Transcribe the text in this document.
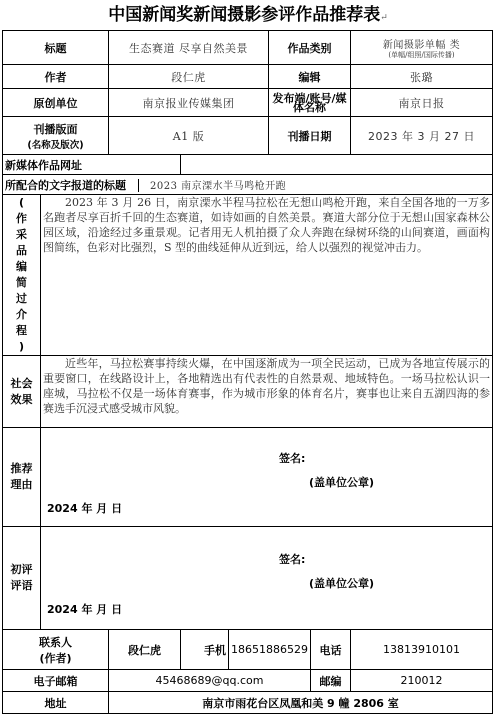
中国新闻奖新闻摄影参评作品推荐表↵
标题		生态赛道 尽享自然美景			作品类别		新闻摄影单幅 类
(单幅/组照/国际传播)

作者		段仁虎			编辑		张璐
原创单位		南京报业传媒集团			发布端/账号/媒体名称		南京日报

刊播版面
(名称及版次)		A1 版			刊播日期		2023 年 3 月 27 日
新媒体作品网址							
所配合的文字报道的标题 2023 南京溧水半马鸣枪开跑							

(
作采品编简过介程
)	2023 年 3 月 26 日，南京溧水半程马拉松在无想山鸣枪开跑，来自全国各地的一万多名跑者尽享百折千回的生态赛道，如诗如画的自然美景。赛道大部分位于无想山国家森林公园区域，沿途经过多重景观。记者用无人机拍摄了众人奔跑在绿树环绕的山间赛道，画面构图简练，色彩对比强烈，S 型的曲线延伸从近到远，给人以强烈的视觉冲击力。						

社会效果	近些年，马拉松赛事持续火爆，在中国逐渐成为一项全民运动，已成为各地宣传展示的重要窗口，在线路设计上，各地精选出有代表性的自然景观、地域特色。一场马拉松认识一座城，马拉松不仅是一场体育赛事，作为城市形象的体育名片，赛事也让来自五湖四海的参赛选手沉浸式感受城市风貌。						

推荐理由	签名:
(盖单位公章)
2024 年 月 日						

初评评语	签名:
(盖单位公章)
2024 年 月 日						

联系人
(作者)		段仁虎	手机	18651886529		电话	13813910101
电子邮箱		45468689@qq.com				邮编	210012
地址		南京市雨花台区凤凰和美 9 幢 2806 室					
